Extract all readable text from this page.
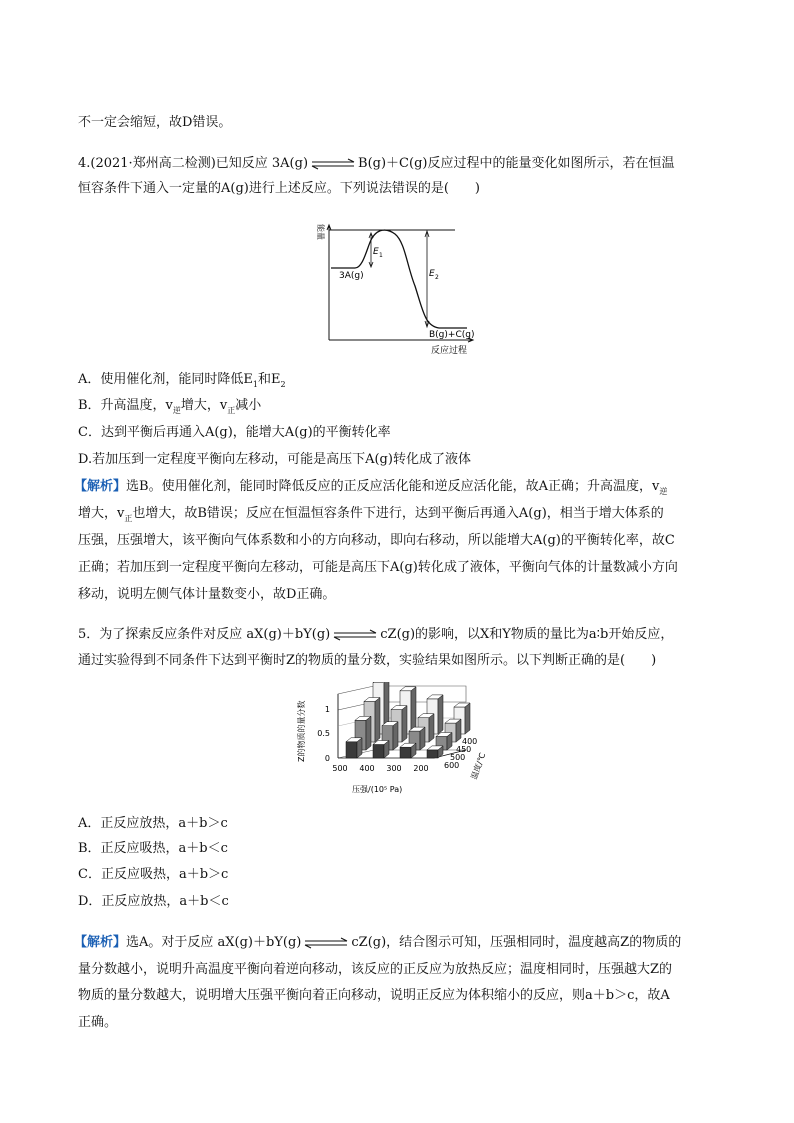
不一定会缩短，故D错误。
4.(2021·郑州高二检测)已知反应 3A(g) ⇌ B(g)＋C(g)反应过程中的能量变化如图所示，若在恒温
恒容条件下通入一定量的A(g)进行上述反应。下列说法错误的是(　　)
能量
反应过程
3A(g)
B(g)+C(g)
E 1
E 2
A．使用催化剂，能同时降低$E_1$和$E_2$
B．升高温度，$v_逆$增大，$v_正$减小
C．达到平衡后再通入A(g)，能增大A(g)的平衡转化率
D.若加压到一定程度平衡向左移动，可能是高压下A(g)转化成了液体
【解析】选B。使用催化剂，能同时降低反应的正反应活化能和逆反应活化能，故A正确；升高温度，$v_逆$
增大，$v_正$也增大，故B错误；反应在恒温恒容条件下进行，达到平衡后再通入A(g)，相当于增大体系的
压强，压强增大，该平衡向气体系数和小的方向移动，即向右移动，所以能增大A(g)的平衡转化率，故C
正确；若加压到一定程度平衡向左移动，可能是高压下A(g)转化成了液体，平衡向气体的计量数减小方向
移动，说明左侧气体计量数变小，故D正确。
5．为了探索反应条件对反应 aX(g)＋bY(g) ⇌ cZ(g)的影响，以X和Y物质的量比为a∶b开始反应，
通过实验得到不同条件下达到平衡时Z的物质的量分数，实验结果如图所示。以下判断正确的是(　　)
1
0.5
0
500 400 300 200
400
450
500
600
压强/(10⁵ Pa)
Z的物质的量分数
温度/℃
A．正反应放热，a＋b＞c
B．正反应吸热，a＋b＜c
C．正反应吸热，a＋b＞c
D．正反应放热，a＋b＜c
【解析】选A。对于反应 aX(g)＋bY(g) ⇌ cZ(g)，结合图示可知，压强相同时，温度越高Z的物质的
量分数越小，说明升高温度平衡向着逆向移动，该反应的正反应为放热反应；温度相同时，压强越大Z的
物质的量分数越大，说明增大压强平衡向着正向移动，说明正反应为体积缩小的反应，则a＋b＞c，故A
正确。
